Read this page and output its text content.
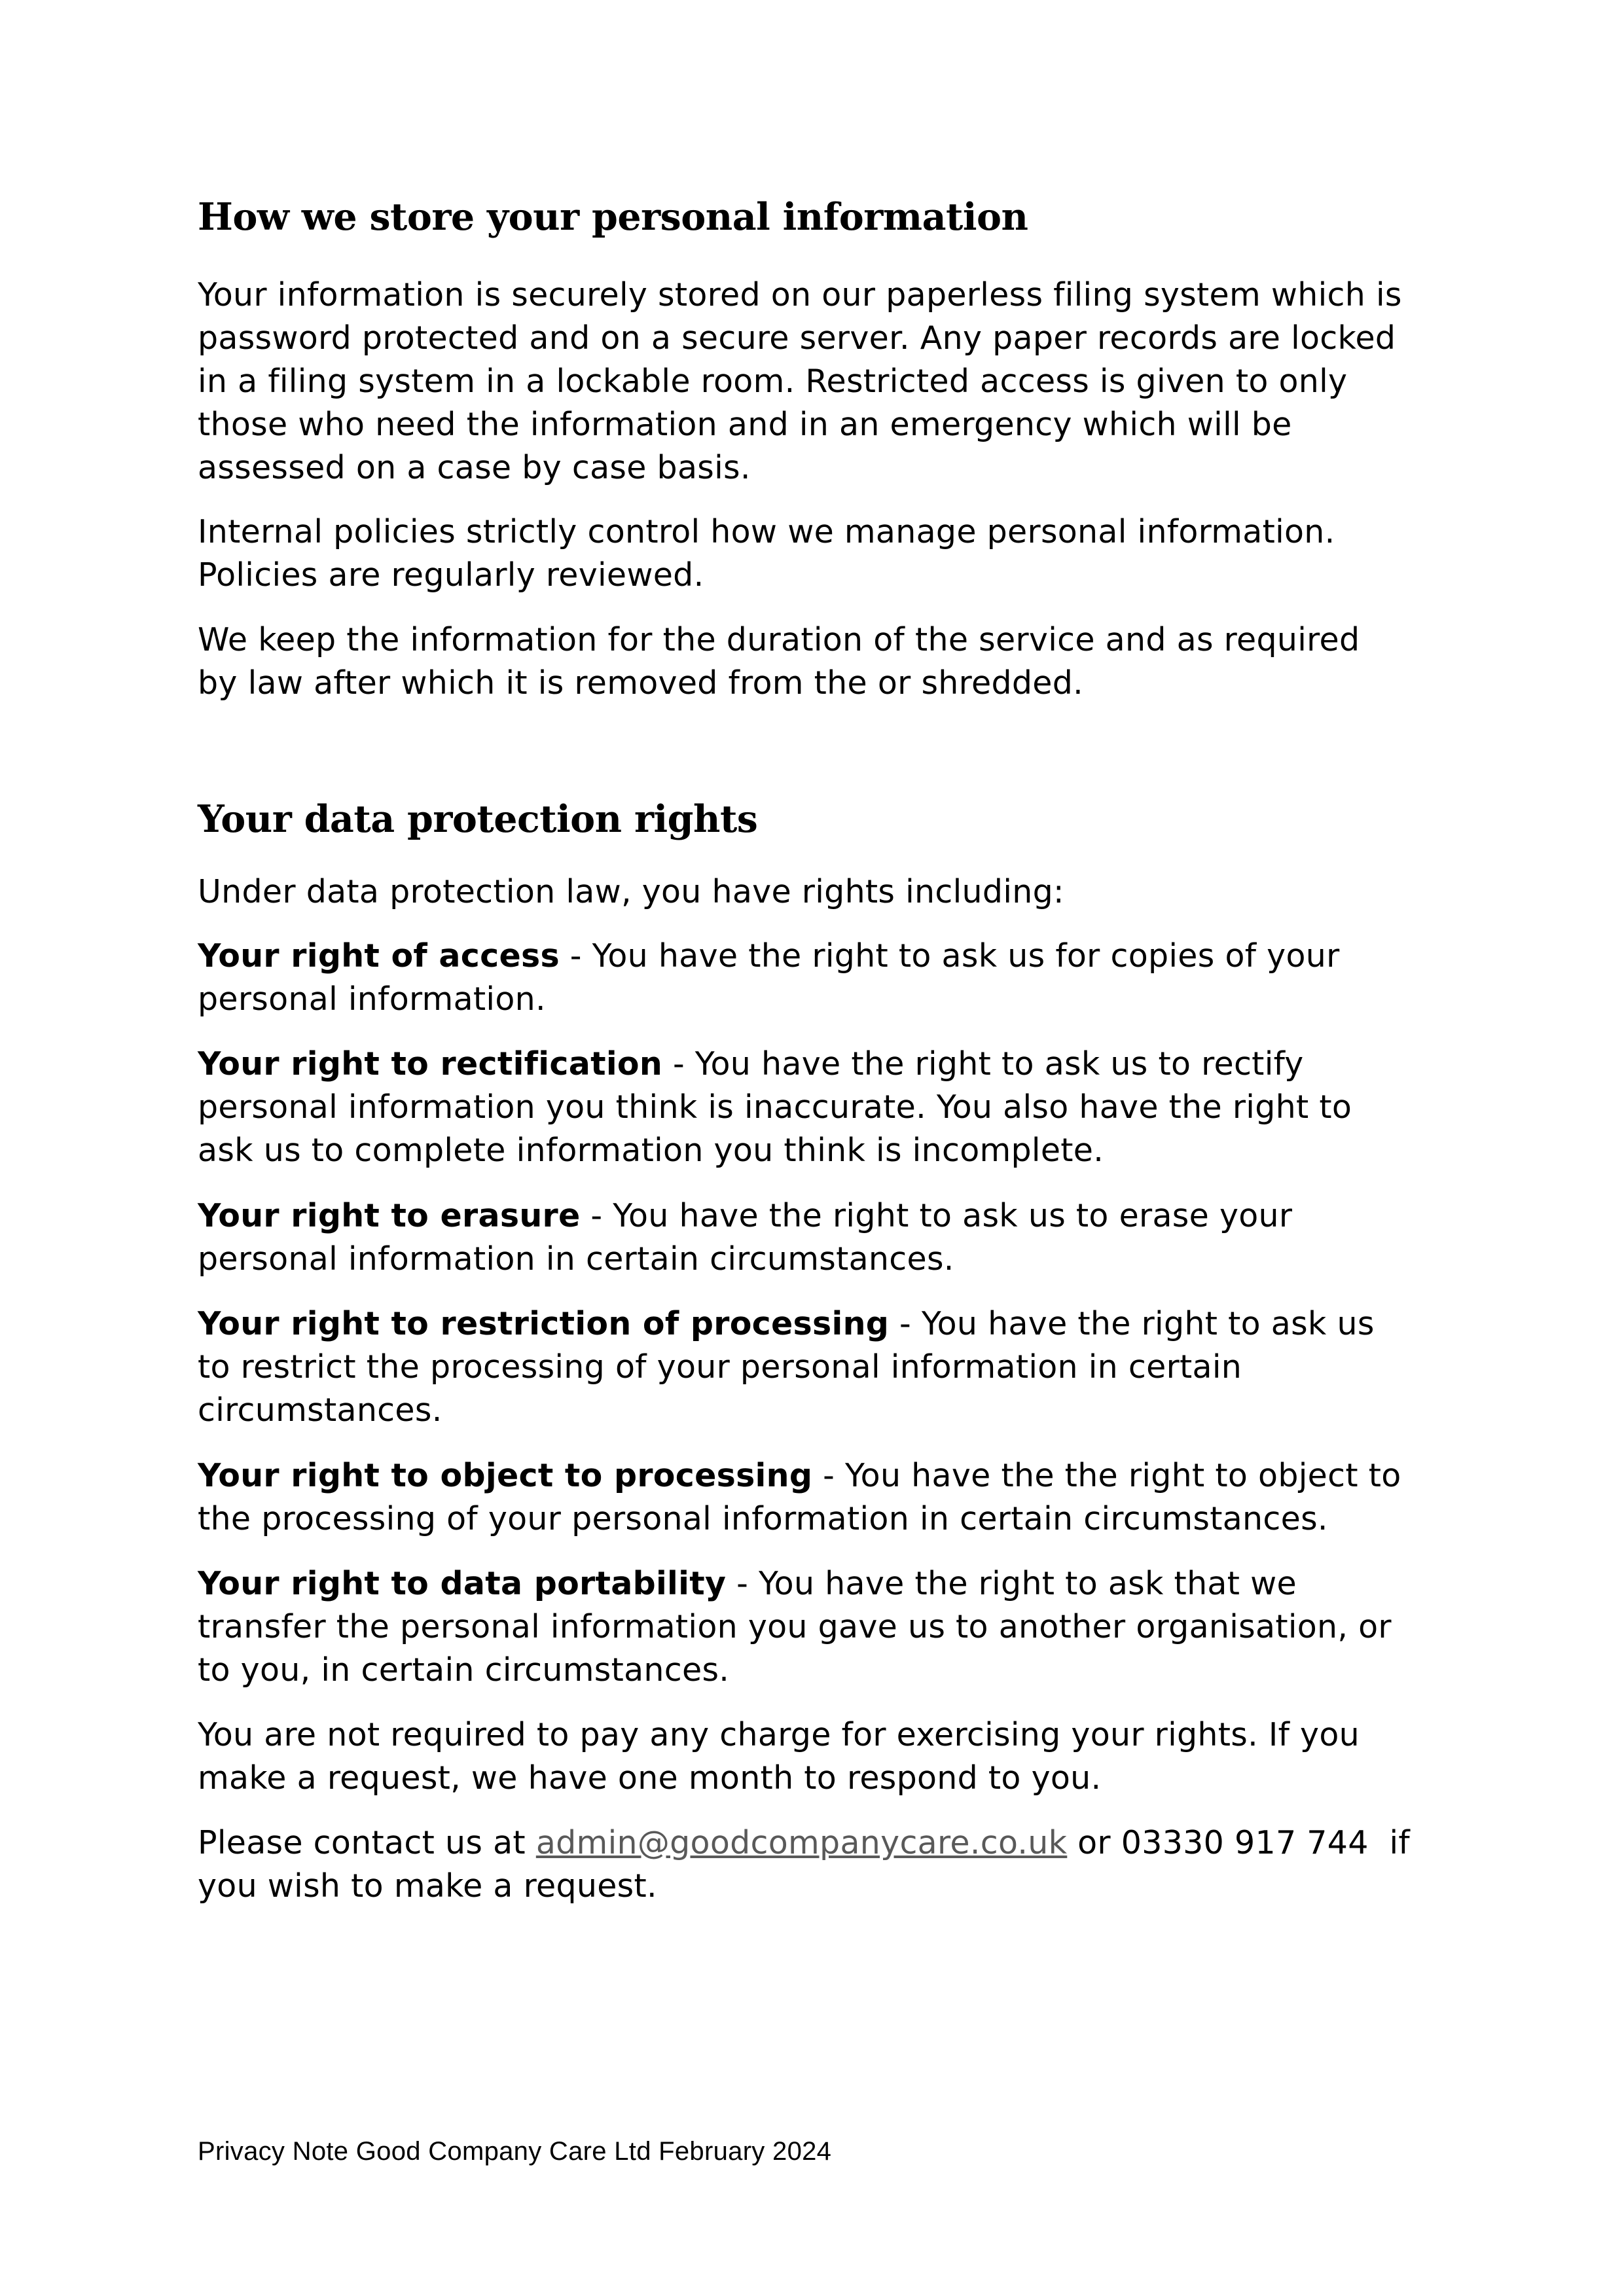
How we store your personal information

Your information is securely stored on our paperless filing system which is
password protected and on a secure server. Any paper records are locked
in a filing system in a lockable room. Restricted access is given to only
those who need the information and in an emergency which will be
assessed on a case by case basis.

Internal policies strictly control how we manage personal information.
Policies are regularly reviewed.

We keep the information for the duration of the service and as required
by law after which it is removed from the or shredded.

Your data protection rights

Under data protection law, you have rights including:

Your right of access - You have the right to ask us for copies of your
personal information.

Your right to rectification - You have the right to ask us to rectify
personal information you think is inaccurate. You also have the right to
ask us to complete information you think is incomplete.

Your right to erasure - You have the right to ask us to erase your
personal information in certain circumstances.

Your right to restriction of processing - You have the right to ask us
to restrict the processing of your personal information in certain
circumstances.

Your right to object to processing - You have the the right to object to
the processing of your personal information in certain circumstances.

Your right to data portability - You have the right to ask that we
transfer the personal information you gave us to another organisation, or
to you, in certain circumstances.

You are not required to pay any charge for exercising your rights. If you
make a request, we have one month to respond to you.

Please contact us at admin@goodcompanycare.co.uk or 03330 917 744  if
you wish to make a request.

Privacy Note Good Company Care Ltd February 2024
